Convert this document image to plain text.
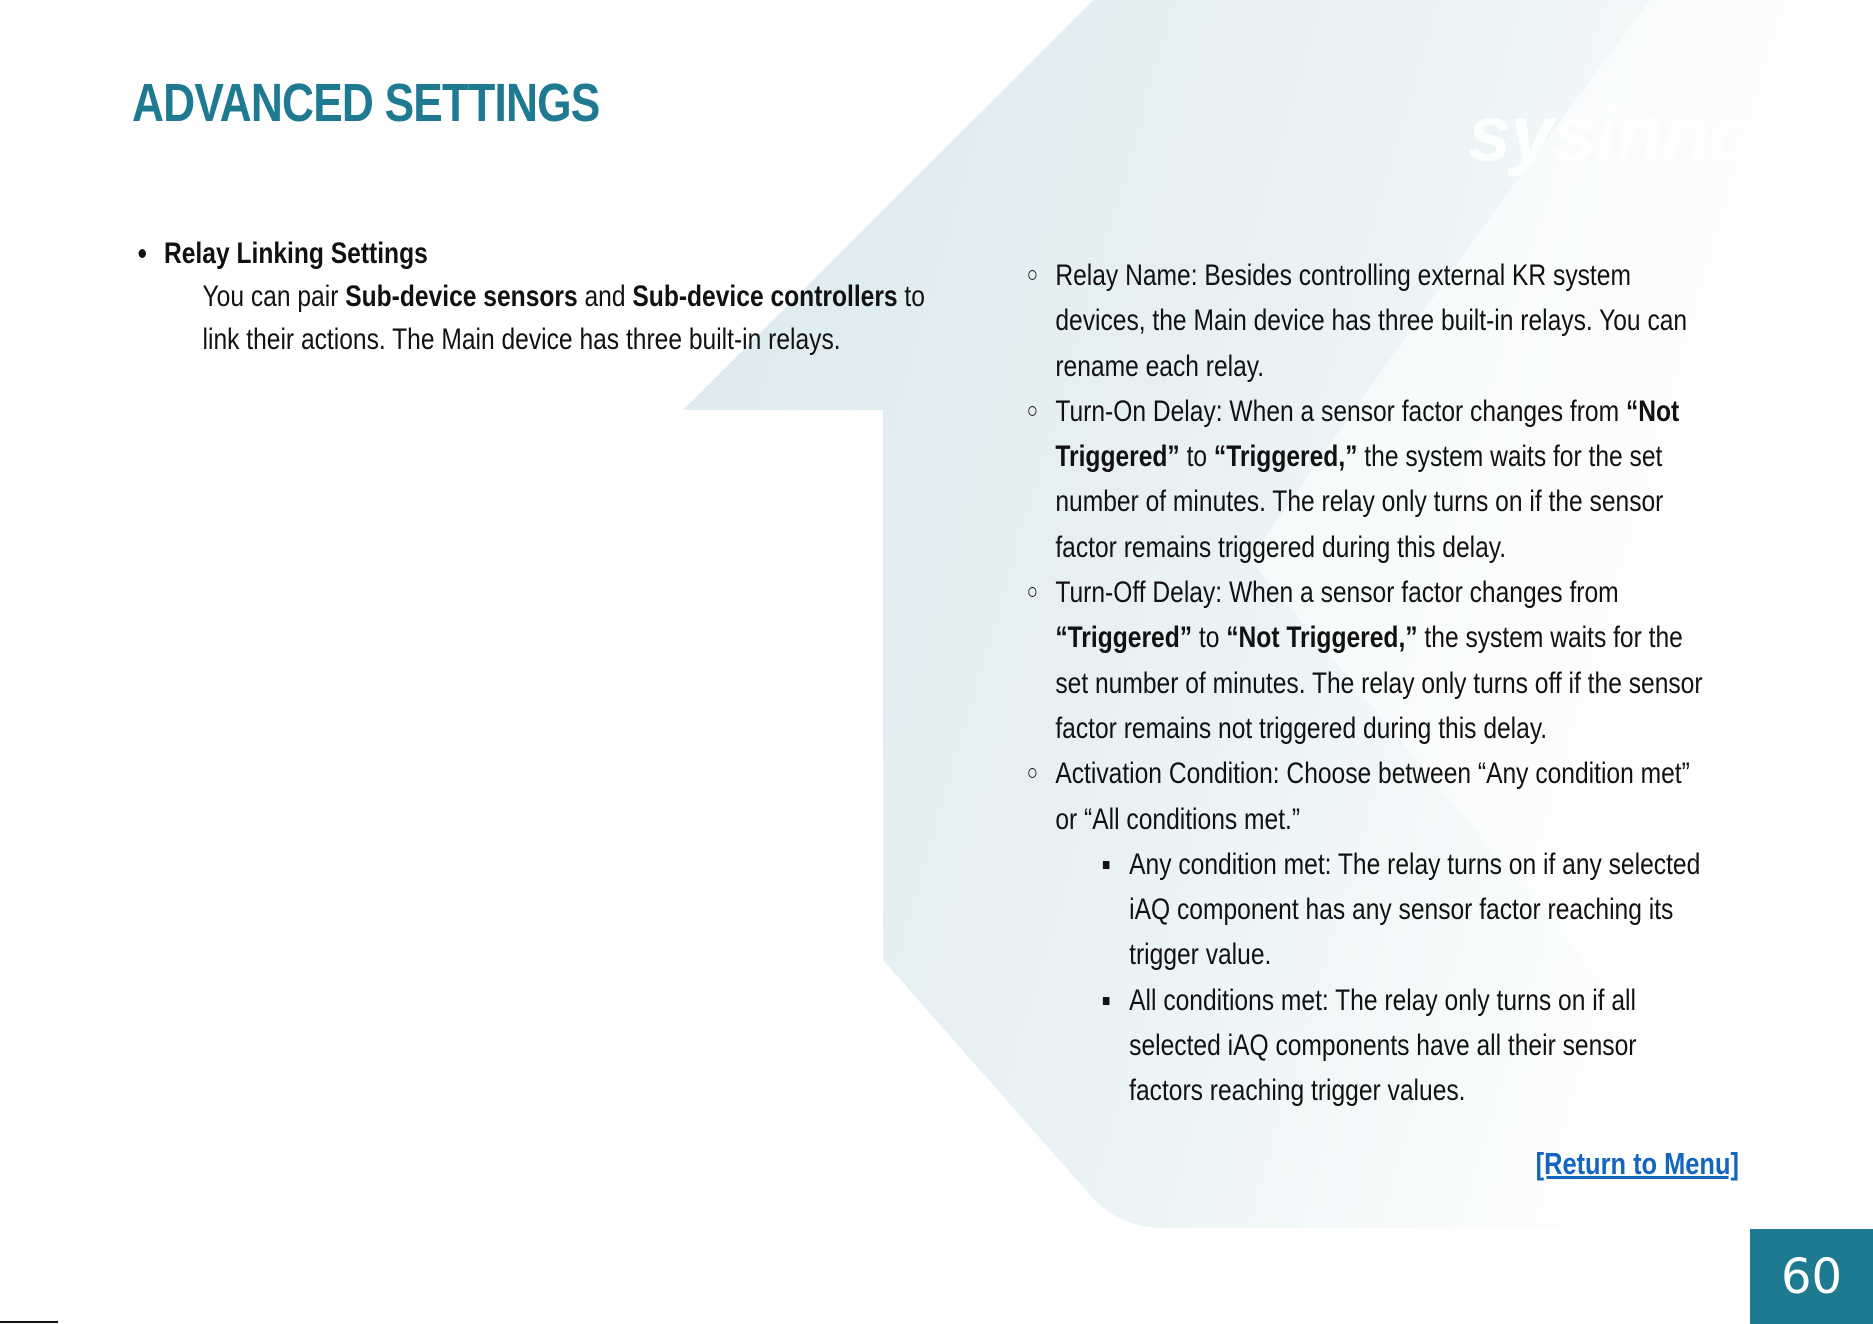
sysinno
ADVANCED SETTINGS
Relay Linking Settings
You can pair Sub-device sensors and Sub-device controllers to link their actions. The Main device has three built-in relays.
Relay Name: Besides controlling external KR system devices, the Main device has three built-in relays. You can rename each relay.
Turn-On Delay: When a sensor factor changes from “Not Triggered” to “Triggered,” the system waits for the set number of minutes. The relay only turns on if the sensor factor remains triggered during this delay.
Turn-Off Delay: When a sensor factor changes from “Triggered” to “Not Triggered,” the system waits for the set number of minutes. The relay only turns off if the sensor factor remains not triggered during this delay.
Activation Condition: Choose between “Any condition met” or “All conditions met.”
Any condition met: The relay turns on if any selected iAQ component has any sensor factor reaching its trigger value.
All conditions met: The relay only turns on if all selected iAQ components have all their sensor factors reaching trigger values.
[Return to Menu]
60
